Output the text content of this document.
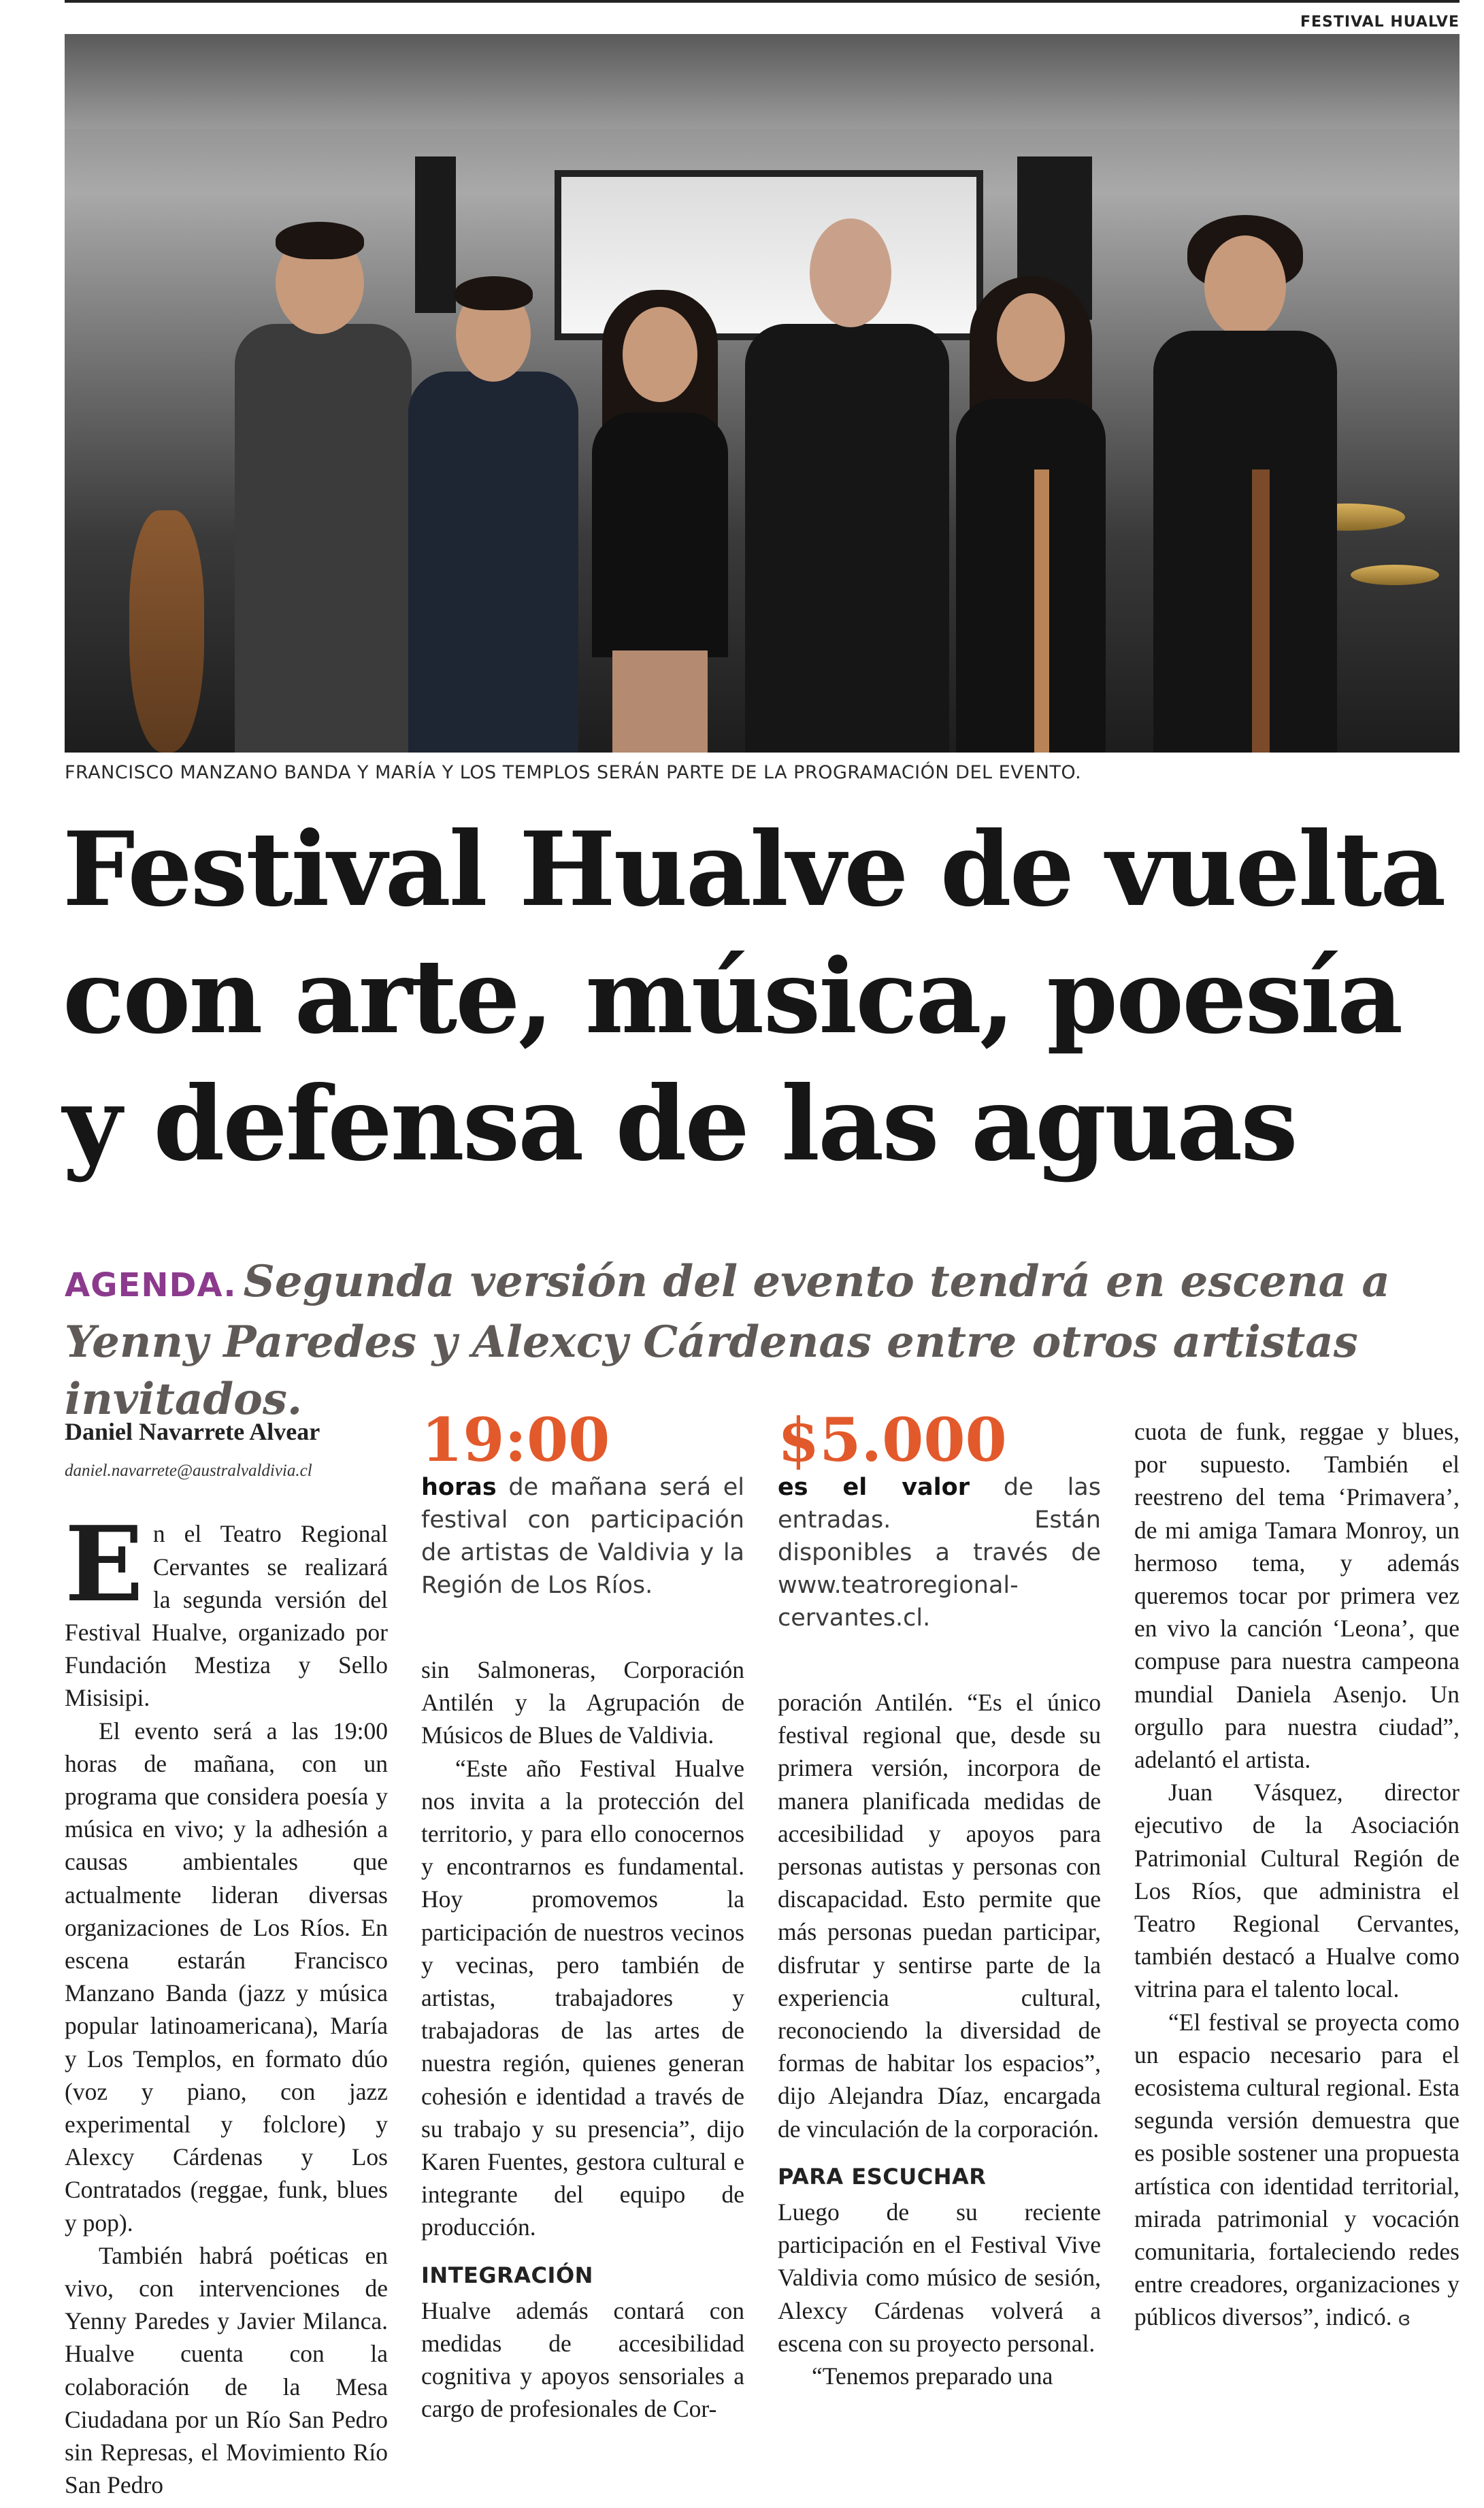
FESTIVAL HUALVE
FRANCISCO MANZANO BANDA Y MARÍA Y LOS TEMPLOS SERÁN PARTE DE LA PROGRAMACIÓN DEL EVENTO.
Festival Hualve de vuelta
con arte, música, poesía
y defensa de las aguas
AGENDA. Segunda versión del evento tendrá en escena a Yenny Paredes y Alexcy Cárdenas entre otros artistas invitados.
Daniel Navarrete Alvear
daniel.navarrete@australvaldivia.cl

En el Teatro Regional Cervantes se realizará la segunda versión del Festival Hualve, organizado por Fundación Mestiza y Sello Misisipi.

El evento será a las 19:00 horas de mañana, con un programa que considera poesía y música en vivo; y la adhesión a causas ambientales que actualmente lideran diversas organizaciones de Los Ríos. En escena estarán Francisco Manzano Banda (jazz y música popular latinoamericana), María y Los Templos, en formato dúo (voz y piano, con jazz experimental y folclore) y Alexcy Cárdenas y Los Contratados (reggae, funk, blues y pop).

También habrá poéticas en vivo, con intervenciones de Yenny Paredes y Javier Milanca. Hualve cuenta con la colaboración de la Mesa Ciudadana por un Río San Pedro sin Represas, el Movimiento Río San Pedro

19:00
horas de mañana será el festival con participación de artistas de Valdivia y la Región de Los Ríos.

sin Salmoneras, Corporación Antilén y la Agrupación de Músicos de Blues de Valdivia.

“Este año Festival Hualve nos invita a la protección del territorio, y para ello conocernos y encontrarnos es fundamental. Hoy promovemos la participación de nuestros vecinos y vecinas, pero también de artistas, trabajadores y trabajadoras de las artes de nuestra región, quienes generan cohesión e identidad a través de su trabajo y su presencia”, dijo Karen Fuentes, gestora cultural e integrante del equipo de producción.

INTEGRACIÓN

Hualve además contará con medidas de accesibilidad cognitiva y apoyos sensoriales a cargo de profesionales de Cor-

$5.000
es el valor de las entradas. Están disponibles a través de www.teatroregional-cervantes.cl.

poración Antilén. “Es el único festival regional que, desde su primera versión, incorpora de manera planificada medidas de accesibilidad y apoyos para personas autistas y personas con discapacidad. Esto permite que más personas puedan participar, disfrutar y sentirse parte de la experiencia cultural, reconociendo la diversidad de formas de habitar los espacios”, dijo Alejandra Díaz, encargada de vinculación de la corporación.

PARA ESCUCHAR

Luego de su reciente participación en el Festival Vive Valdivia como músico de sesión, Alexcy Cárdenas volverá a escena con su proyecto personal.

“Tenemos preparado una

cuota de funk, reggae y blues, por supuesto. También el reestreno del tema ‘Primavera’, de mi amiga Tamara Monroy, un hermoso tema, y además queremos tocar por primera vez en vivo la canción ‘Leona’, que compuse para nuestra campeona mundial Daniela Asenjo. Un orgullo para nuestra ciudad”, adelantó el artista.

Juan Vásquez, director ejecutivo de la Asociación Patrimonial Cultural Región de Los Ríos, que administra el Teatro Regional Cervantes, también destacó a Hualve como vitrina para el talento local.

“El festival se proyecta como un espacio necesario para el ecosistema cultural regional. Esta segunda versión demuestra que es posible sostener una propuesta artística con identidad territorial, mirada patrimonial y vocación comunitaria, fortaleciendo redes entre creadores, organizaciones y públicos diversos”, indicó. ɞ
